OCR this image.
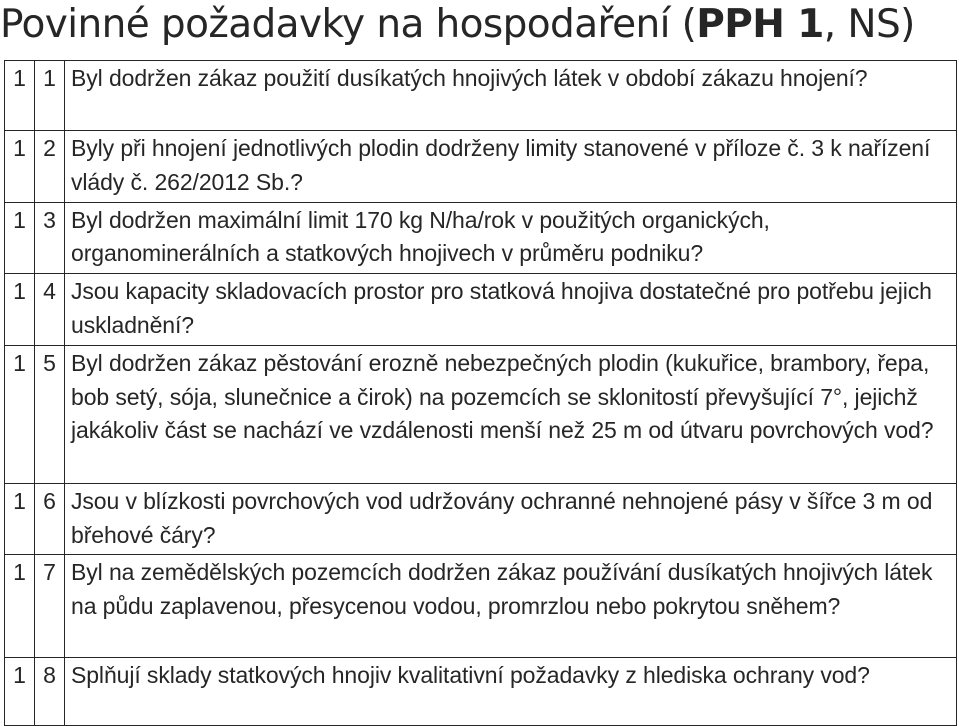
Povinné požadavky na hospodaření (PPH 1, NS)
1	1	Byl dodržen zákaz použití dusíkatých hnojivých látek v období zákazu hnojení?
1	2	Byly při hnojení jednotlivých plodin dodrženy limity stanovené v příloze č. 3 k nařízení vlády č. 262/2012 Sb.?
1	3	Byl dodržen maximální limit 170 kg N/ha/rok v použitých organických, organominerálních a statkových hnojivech v průměru podniku?
1	4	Jsou kapacity skladovacích prostor pro statková hnojiva dostatečné pro potřebu jejich uskladnění?
1	5	Byl dodržen zákaz pěstování erozně nebezpečných plodin (kukuřice, brambory, řepa, bob setý, sója, slunečnice a čirok) na pozemcích se sklonitostí převyšující 7°, jejichž jakákoliv část se nachází ve vzdálenosti menší než 25 m od útvaru povrchových vod?
1	6	Jsou v blízkosti povrchových vod udržovány ochranné nehnojené pásy v šířce 3 m od břehové čáry?
1	7	Byl na zemědělských pozemcích dodržen zákaz používání dusíkatých hnojivých látek na půdu zaplavenou, přesycenou vodou, promrzlou nebo pokrytou sněhem?
1	8	Splňují sklady statkových hnojiv kvalitativní požadavky z hlediska ochrany vod?
